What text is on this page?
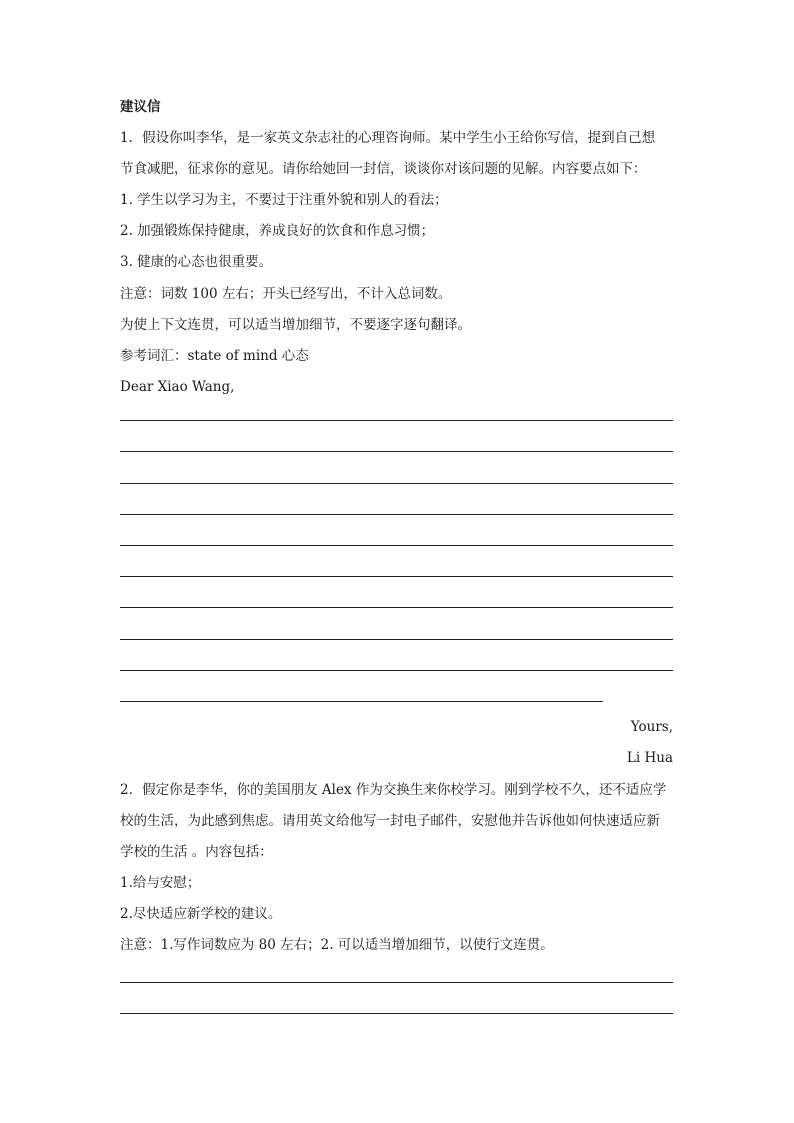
建议信
1．假设你叫李华，是一家英文杂志社的心理咨询师。某中学生小王给你写信，提到自己想
节食减肥，征求你的意见。请你给她回一封信，谈谈你对该问题的见解。内容要点如下：
1. 学生以学习为主，不要过于注重外貌和别人的看法；
2. 加强锻炼保持健康，养成良好的饮食和作息习惯；
3. 健康的心态也很重要。
注意：词数 100 左右；开头已经写出，不计入总词数。
为使上下文连贯，可以适当增加细节，不要逐字逐句翻译。
参考词汇：state of mind 心态
Dear Xiao Wang,
Yours,
Li Hua
2．假定你是李华，你的美国朋友 Alex 作为交换生来你校学习。刚到学校不久，还不适应学
校的生活，为此感到焦虑。请用英文给他写一封电子邮件，安慰他并告诉他如何快速适应新
学校的生活 。内容包括：
1.给与安慰；
2.尽快适应新学校的建议。
注意：1.写作词数应为 80 左右；2. 可以适当增加细节，以使行文连贯。
